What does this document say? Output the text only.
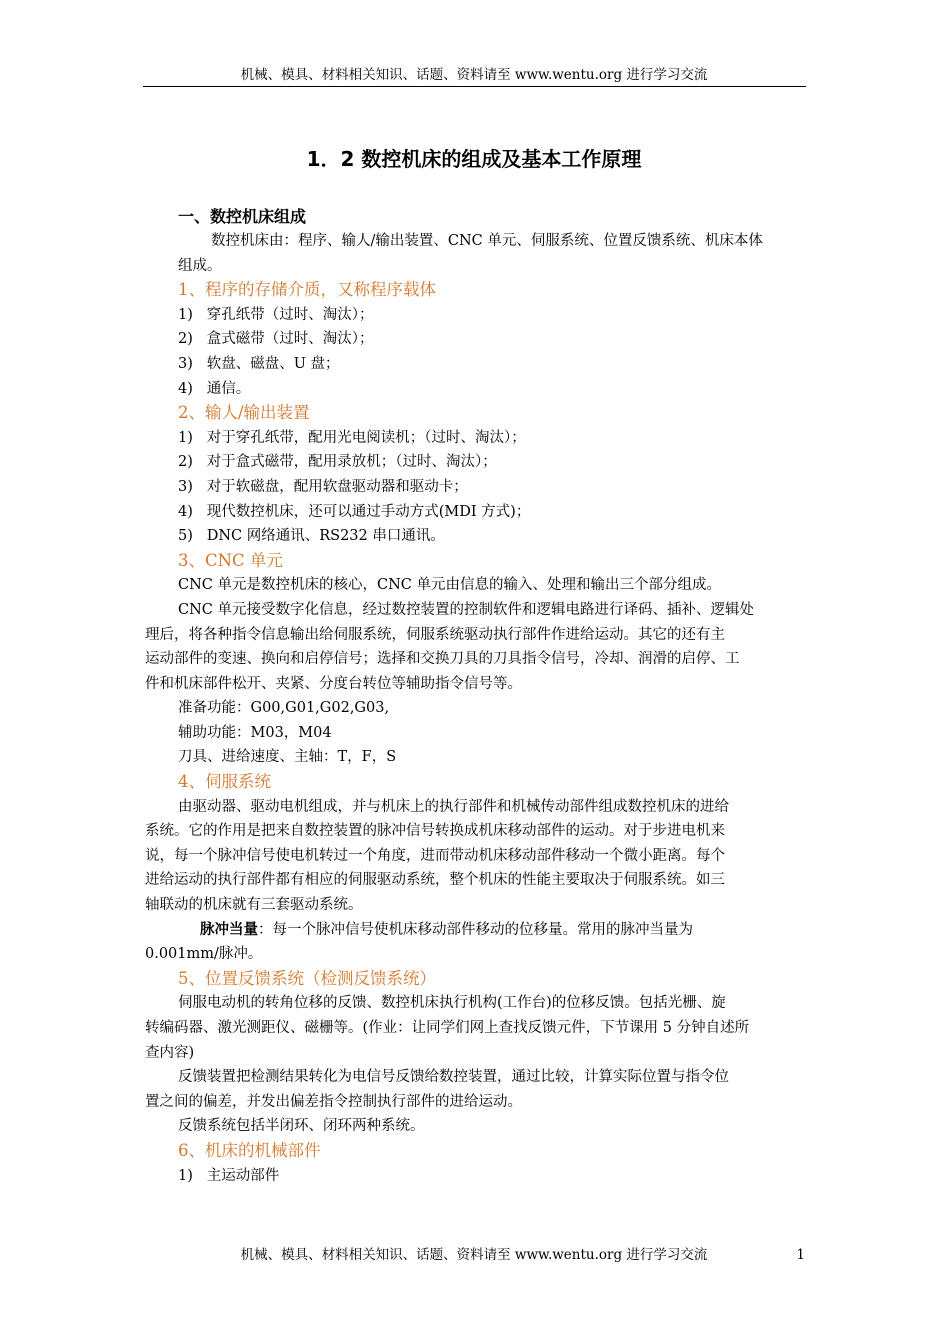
机械、模具、材料相关知识、话题、资料请至 www.wentu.org 进行学习交流
1．2 数控机床的组成及基本工作原理

一、数控机床组成

数控机床由：程序、输人/输出装置、CNC 单元、伺服系统、位置反馈系统、机床本体

组成。

1、程序的存储介质，又称程序载体

1)   穿孔纸带（过时、淘汰）；

2)   盒式磁带（过时、淘汰）；

3)   软盘、磁盘、U 盘；

4)   通信。

2、输人/输出装置

1)   对于穿孔纸带，配用光电阅读机；（过时、淘汰）；

2)   对于盒式磁带，配用录放机；（过时、淘汰）；

3)   对于软磁盘，配用软盘驱动器和驱动卡；

4)   现代数控机床，还可以通过手动方式(MDI 方式)；

5)   DNC 网络通讯、RS232 串口通讯。

3、CNC 单元

CNC 单元是数控机床的核心，CNC 单元由信息的输入、处理和输出三个部分组成。

CNC 单元接受数字化信息，经过数控装置的控制软件和逻辑电路进行译码、插补、逻辑处

理后，将各种指令信息输出给伺服系统，伺服系统驱动执行部件作进给运动。其它的还有主

运动部件的变速、换向和启停信号；选择和交换刀具的刀具指令信号，冷却、润滑的启停、工

件和机床部件松开、夹紧、分度台转位等辅助指令信号等。

准备功能：G00,G01,G02,G03,

辅助功能：M03，M04

刀具、进给速度、主轴：T，F，S

4、伺服系统

由驱动器、驱动电机组成，并与机床上的执行部件和机械传动部件组成数控机床的进给

系统。它的作用是把来自数控装置的脉冲信号转换成机床移动部件的运动。对于步进电机来

说，每一个脉冲信号使电机转过一个角度，进而带动机床移动部件移动一个微小距离。每个

进给运动的执行部件都有相应的伺服驱动系统，整个机床的性能主要取决于伺服系统。如三

轴联动的机床就有三套驱动系统。

脉冲当量：每一个脉冲信号使机床移动部件移动的位移量。常用的脉冲当量为

0.001mm/脉冲。

5、位置反馈系统（检测反馈系统）

伺服电动机的转角位移的反馈、数控机床执行机构(工作台)的位移反馈。包括光栅、旋

转编码器、激光测距仪、磁栅等。(作业：让同学们网上查找反馈元件，下节课用 5 分钟自述所

查内容)

反馈装置把检测结果转化为电信号反馈给数控装置，通过比较，计算实际位置与指令位

置之间的偏差，并发出偏差指令控制执行部件的进给运动。

反馈系统包括半闭环、闭环两种系统。

6、机床的机械部件

1)   主运动部件

机械、模具、材料相关知识、话题、资料请至 www.wentu.org 进行学习交流	1
